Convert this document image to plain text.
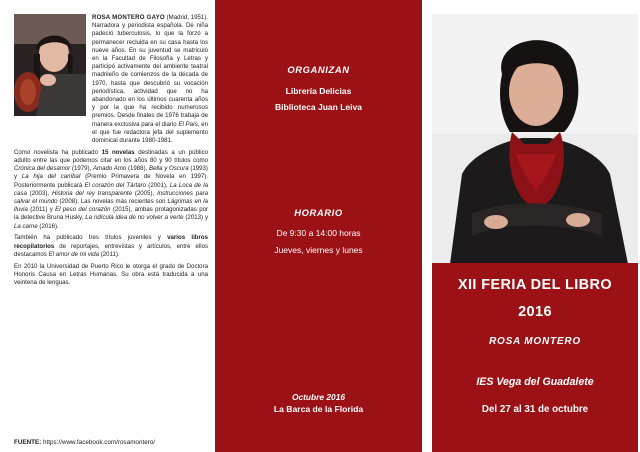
ROSA MONTERO GAYO (Madrid, 1951). Narradora y periodista española. De niña padeció tuberculosis, lo que la forzó a permanecer recluida en su casa hasta los nueve años. En su juventud se matriculó en la Facultad de Filosofía y Letras y participó activamente del ambiente teatral madrileño de comienzos de la década de 1970, hasta que descubrió su vocación periodística, actividad que no ha abandonado en los últimos cuarenta años y por la que ha recibido numerosos premios. Desde finales de 1976 trabaja de manera exclusiva para el diario El País, en el que fue redactora jefa del suplemento dominical durante 1980-1981.

Como novelista ha publicado 15 novelas destinadas a un público adulto entre las que podemos citar en los años 80 y 90 títulos como Crónica del desamor (1979), Amado Amo (1988), Bella y Oscura (1993) y La hija del caníbal (Premio Primavera de Novela en 1997). Posteriormente publicará El corazón del Tártaro (2001), La Loca de la casa (2003), Historia del rey transparente (2005), Instrucciones para salvar el mundo (2008). Las novelas más recientes son Lágrimas en la lluvia (2011) y El peso del corazón (2015), ambas protagonizadas por la detective Bruna Husky, La ridícula idea de no volver a verte (2013) y La carne (2016).

También ha publicado tres títulos juveniles y varios libros recopilatorios de reportajes, entrevistas y artículos, entre ellos destacamos El amor de mi vida (2011).

En 2010 la Universidad de Puerto Rico le otorga el grado de Doctora Honoris Causa en Letras Humanas. Su obra está traducida a una veintena de lenguas.

FUENTE: https://www.facebook.com/rosamontero/
ORGANIZAN
Librería Delicias
Biblioteca Juan Leiva
HORARIO
De 9:30 a 14:00 horas
Jueves, viernes y lunes
Octubre 2016
La Barca de la Florida
XII FERIA DEL LIBRO
2016
ROSA MONTERO
IES Vega del Guadalete
Del 27 al 31 de octubre
